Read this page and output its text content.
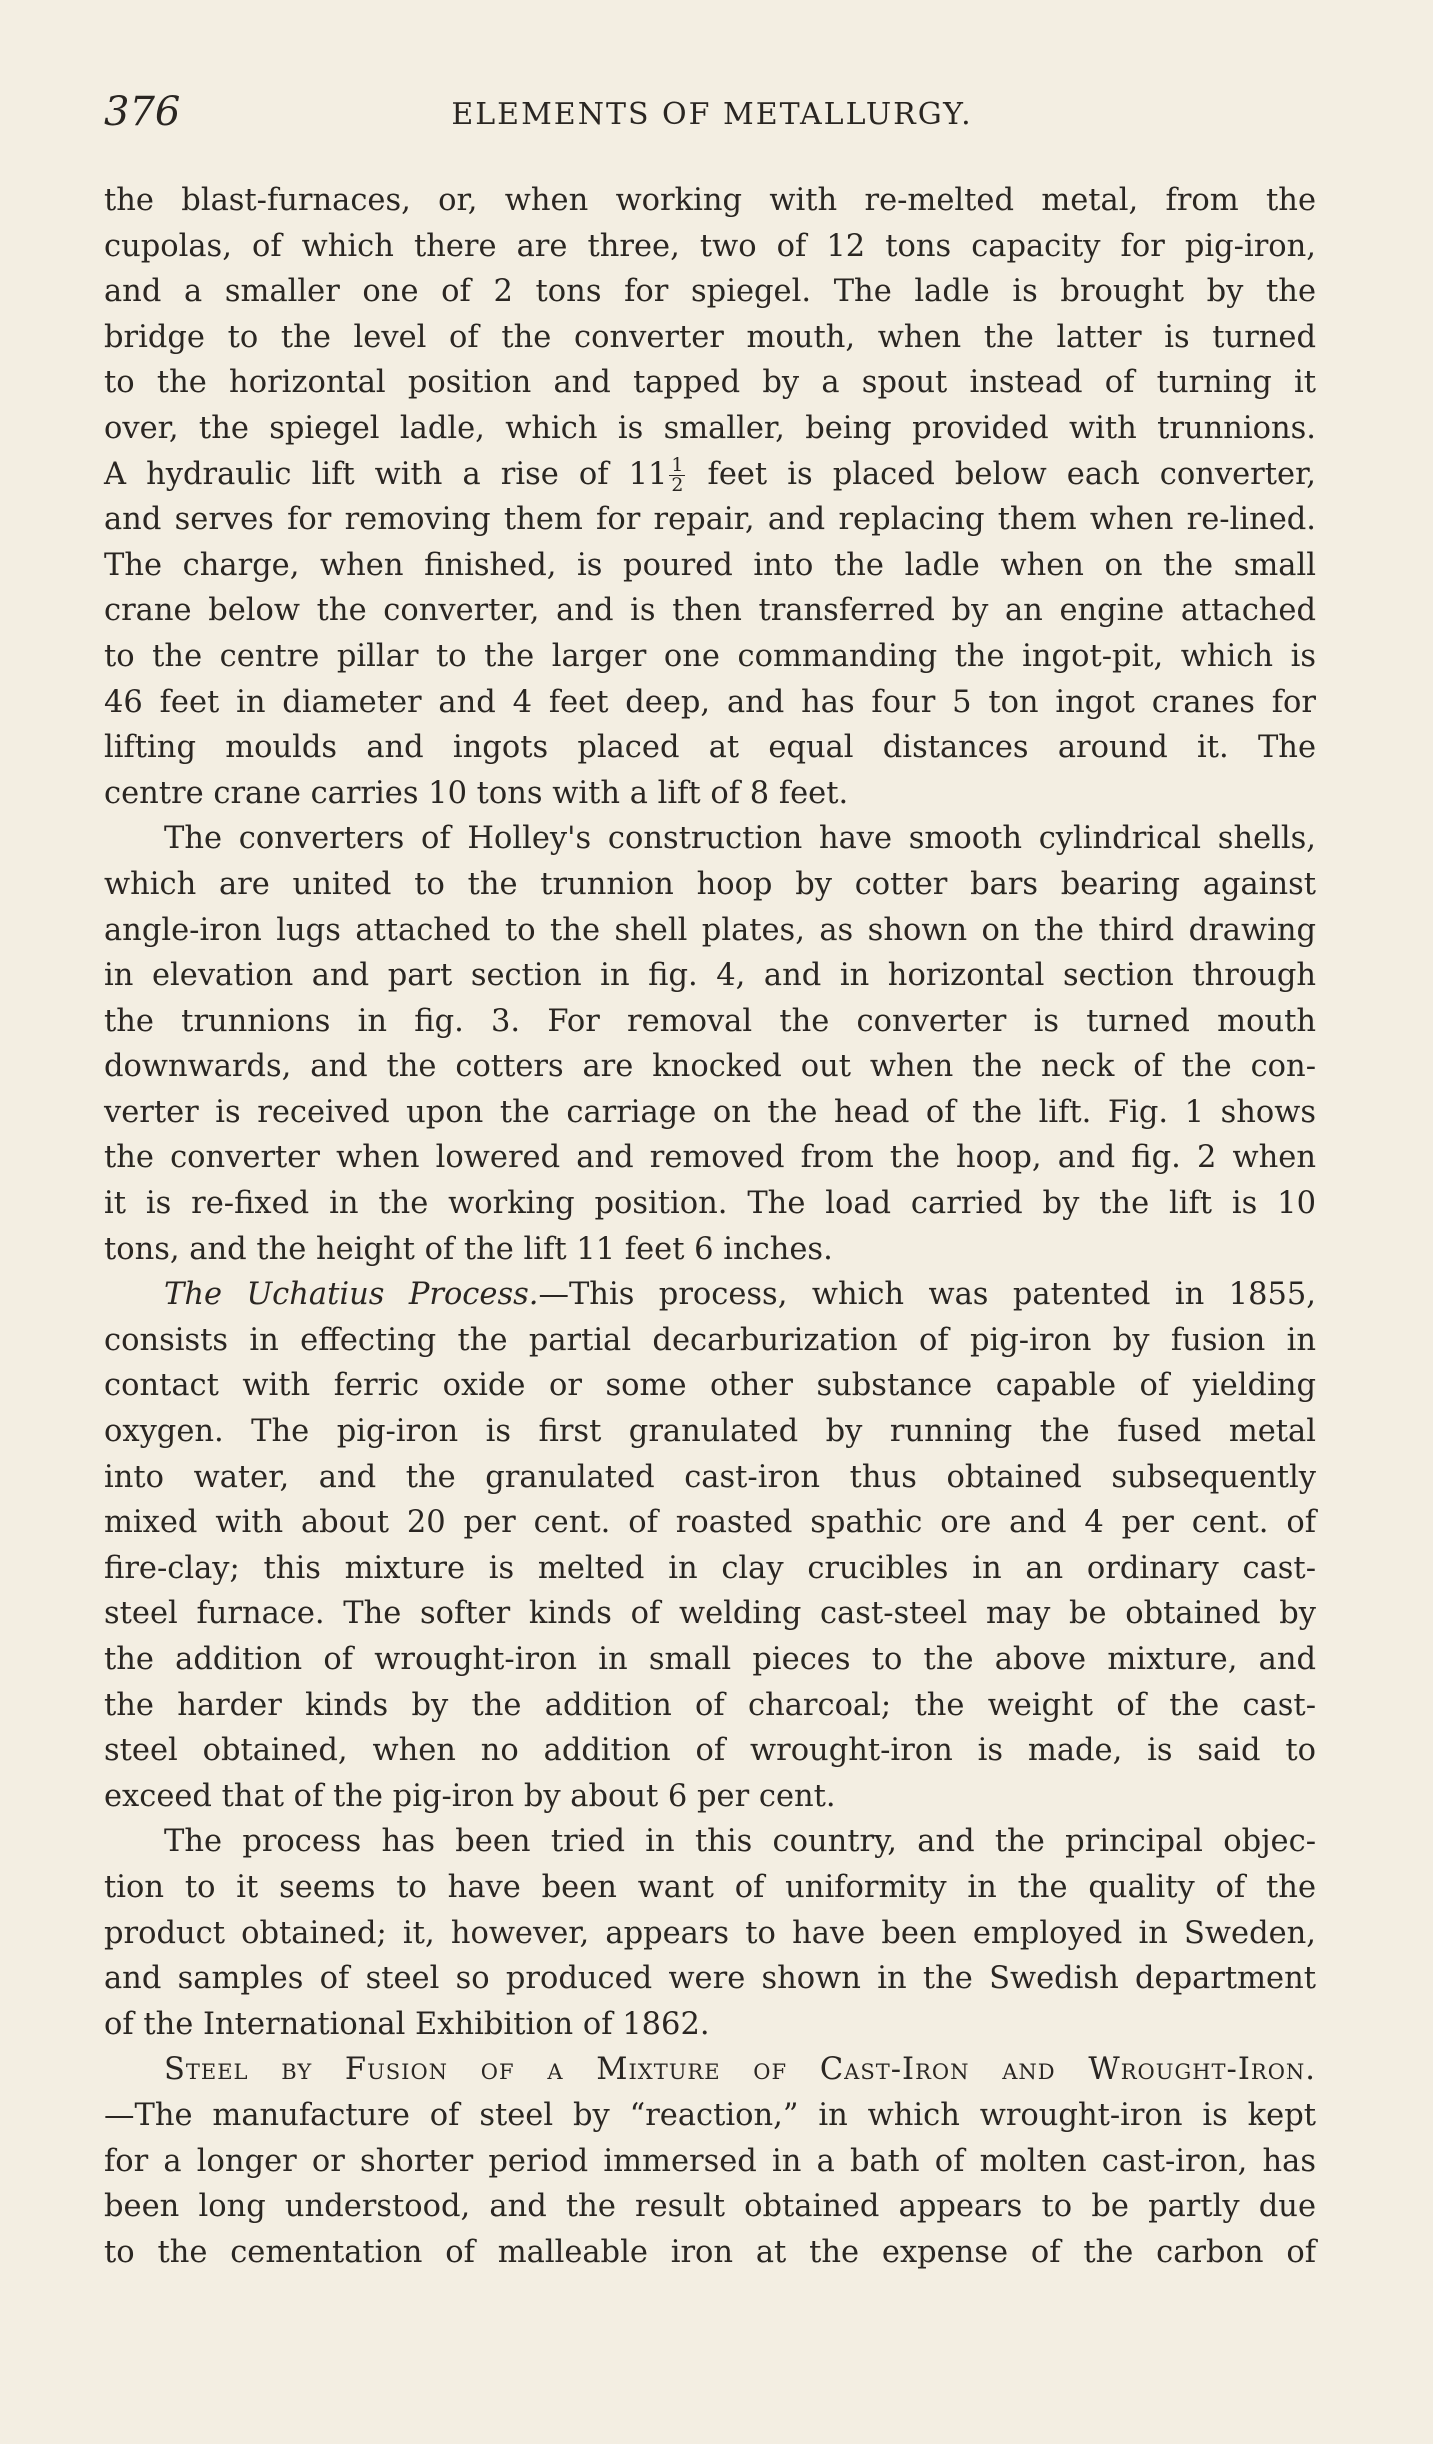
376	ELEMENTS OF METALLURGY.
the blast-furnaces, or, when working with re-melted metal, from the
cupolas, of which there are three, two of 12 tons capacity for pig-iron,
and a smaller one of 2 tons for spiegel. The ladle is brought by the
bridge to the level of the converter mouth, when the latter is turned
to the horizontal position and tapped by a spout instead of turning it
over, the spiegel ladle, which is smaller, being provided with trunnions.
A hydraulic lift with a rise of $11 \frac{1}{2}$ feet is placed below each converter,
and serves for removing them for repair, and replacing them when re-lined.
The charge, when finished, is poured into the ladle when on the small
crane below the converter, and is then transferred by an engine attached
to the centre pillar to the larger one commanding the ingot-pit, which is
46 feet in diameter and 4 feet deep, and has four 5 ton ingot cranes for
lifting moulds and ingots placed at equal distances around it. The
centre crane carries 10 tons with a lift of 8 feet.
The converters of Holley's construction have smooth cylindrical shells,
which are united to the trunnion hoop by cotter bars bearing against
angle-iron lugs attached to the shell plates, as shown on the third drawing
in elevation and part section in fig. 4, and in horizontal section through
the trunnions in fig. 3. For removal the converter is turned mouth
downwards, and the cotters are knocked out when the neck of the con-
verter is received upon the carriage on the head of the lift. Fig. 1 shows
the converter when lowered and removed from the hoop, and fig. 2 when
it is re-fixed in the working position. The load carried by the lift is 10
tons, and the height of the lift 11 feet 6 inches.
The Uchatius Process.—This process, which was patented in 1855,
consists in effecting the partial decarburization of pig-iron by fusion in
contact with ferric oxide or some other substance capable of yielding
oxygen. The pig-iron is first granulated by running the fused metal
into water, and the granulated cast-iron thus obtained subsequently
mixed with about 20 per cent. of roasted spathic ore and 4 per cent. of
fire-clay; this mixture is melted in clay crucibles in an ordinary cast-
steel furnace. The softer kinds of welding cast-steel may be obtained by
the addition of wrought-iron in small pieces to the above mixture, and
the harder kinds by the addition of charcoal; the weight of the cast-
steel obtained, when no addition of wrought-iron is made, is said to
exceed that of the pig-iron by about 6 per cent.
The process has been tried in this country, and the principal objec-
tion to it seems to have been want of uniformity in the quality of the
product obtained; it, however, appears to have been employed in Sweden,
and samples of steel so produced were shown in the Swedish department
of the International Exhibition of 1862.
Steel by Fusion of a Mixture of Cast-Iron and Wrought-Iron.
—The manufacture of steel by “reaction,” in which wrought-iron is kept
for a longer or shorter period immersed in a bath of molten cast-iron, has
been long understood, and the result obtained appears to be partly due
to the cementation of malleable iron at the expense of the carbon of
